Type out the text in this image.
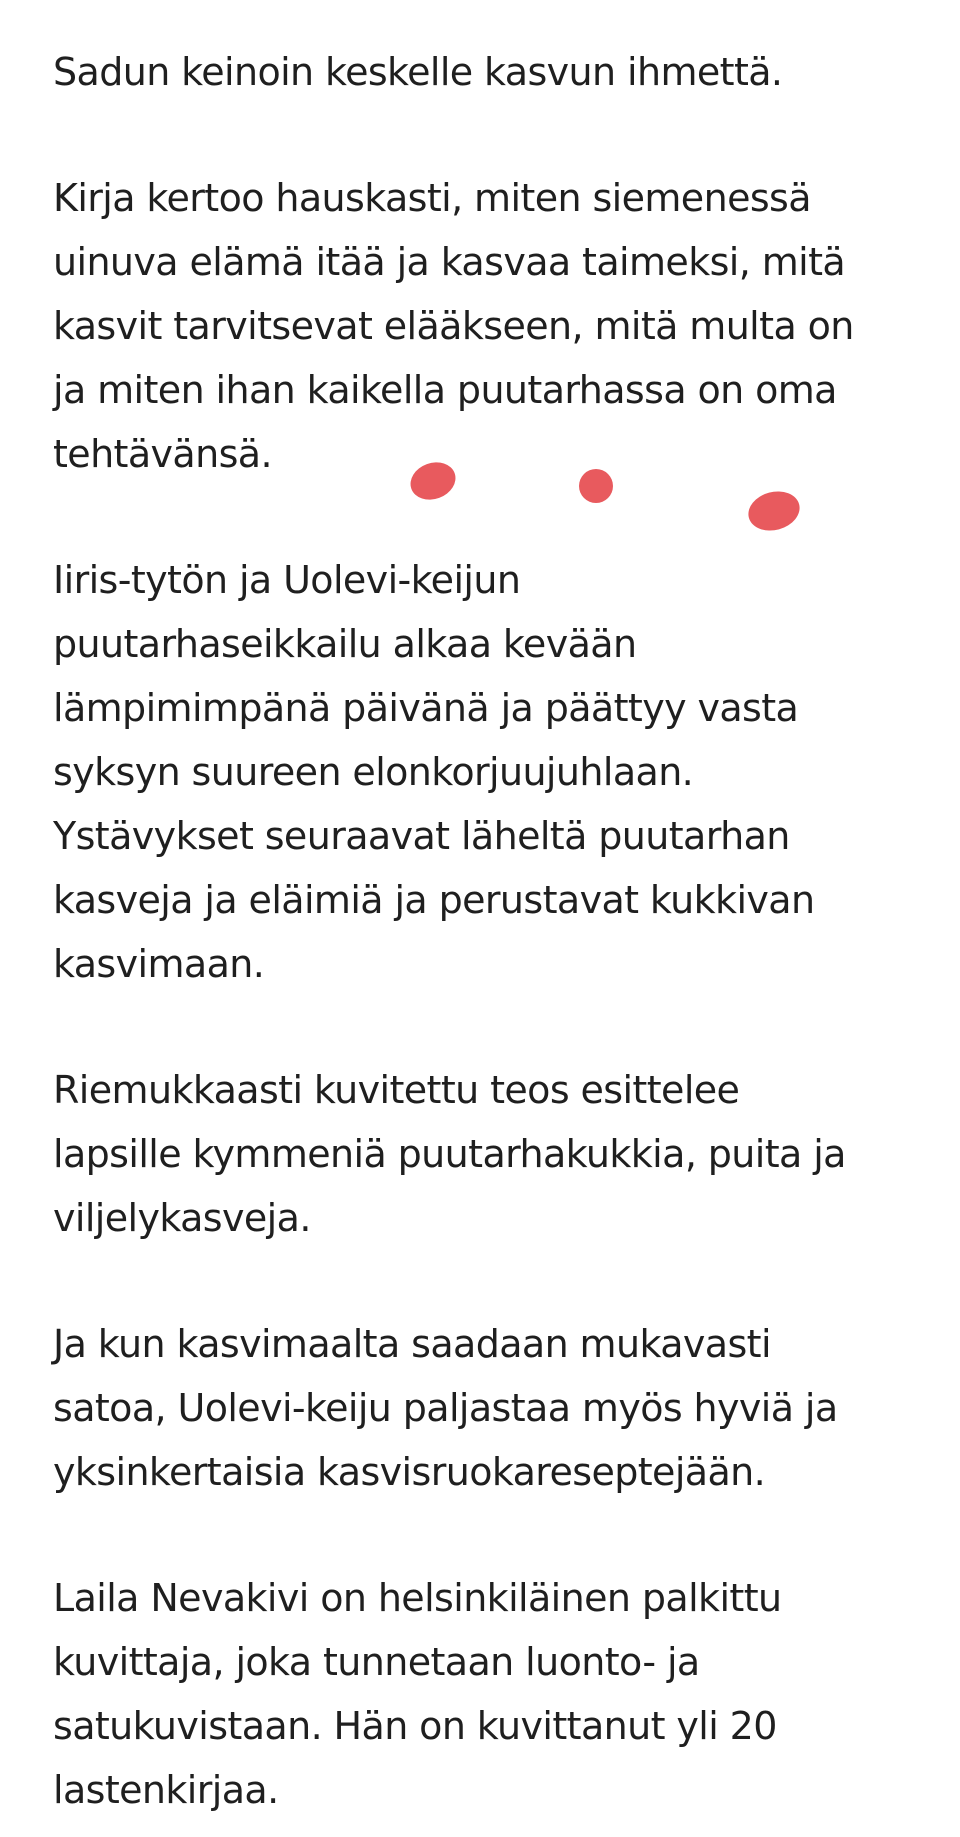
Sadun keinoin keskelle kasvun ihmettä.

Kirja kertoo hauskasti, miten siemenessä
uinuva elämä itää ja kasvaa taimeksi, mitä
kasvit tarvitsevat elääkseen, mitä multa on
ja miten ihan kaikella puutarhassa on oma
tehtävänsä.

Iiris-tytön ja Uolevi-keijun
puutarhaseikkailu alkaa kevään
lämpimimpänä päivänä ja päättyy vasta
syksyn suureen elonkorjuujuhlaan.
Ystävykset seuraavat läheltä puutarhan
kasveja ja eläimiä ja perustavat kukkivan
kasvimaan.

Riemukkaasti kuvitettu teos esittelee
lapsille kymmeniä puutarhakukkia, puita ja
viljelykasveja.

Ja kun kasvimaalta saadaan mukavasti
satoa, Uolevi-keiju paljastaa myös hyviä ja
yksinkertaisia kasvisruokareseptejään.

Laila Nevakivi on helsinkiläinen palkittu
kuvittaja, joka tunnetaan luonto- ja
satukuvistaan. Hän on kuvittanut yli 20
lastenkirjaa.
